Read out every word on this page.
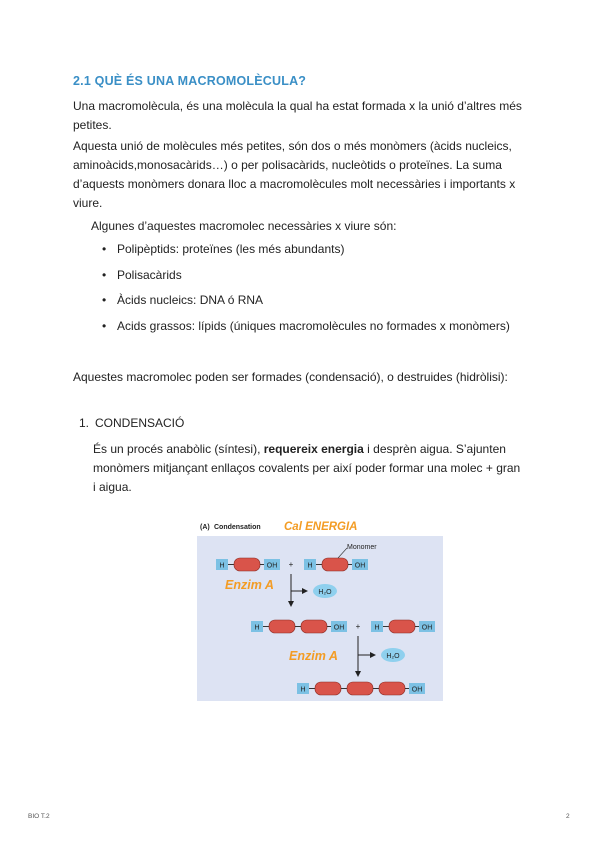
2.1 QUÈ ÉS UNA MACROMOLÈCULA?
Una macromolècula, és una molècula la qual ha estat formada x la unió d’altres més
petites.
Aquesta unió de molècules més petites, són dos o més monòmers (àcids nucleics,
aminoàcids,monosacàrids…) o per polisacàrids, nucleòtids o proteïnes. La suma
d’aquests monòmers donara lloc a macromolècules molt necessàries i importants x
viure.
Algunes d’aquestes macromolec necessàries x viure són:
• Polipèptids: proteïnes (les més abundants)
• Polisacàrids
• Àcids nucleics: DNA ó RNA
• Acids grassos: lípids (úniques macromolècules no formades x monòmers)
Aquestes macromolec poden ser formades (condensació), o destruides (hidròlisi):
1. CONDENSACIÓ
És un procés anabòlic (síntesi), requereix energia i desprèn aigua. S’ajunten
monòmers mitjançant enllaços covalents per així poder formar una molec + gran
i aigua.
(A) Condensation Cal ENERGIA
H	OH + H	OH
Monomer
H₂O
Enzim A
H	OH + H	OH
H₂O
Enzim A
H	OH
BIO T.2	2
